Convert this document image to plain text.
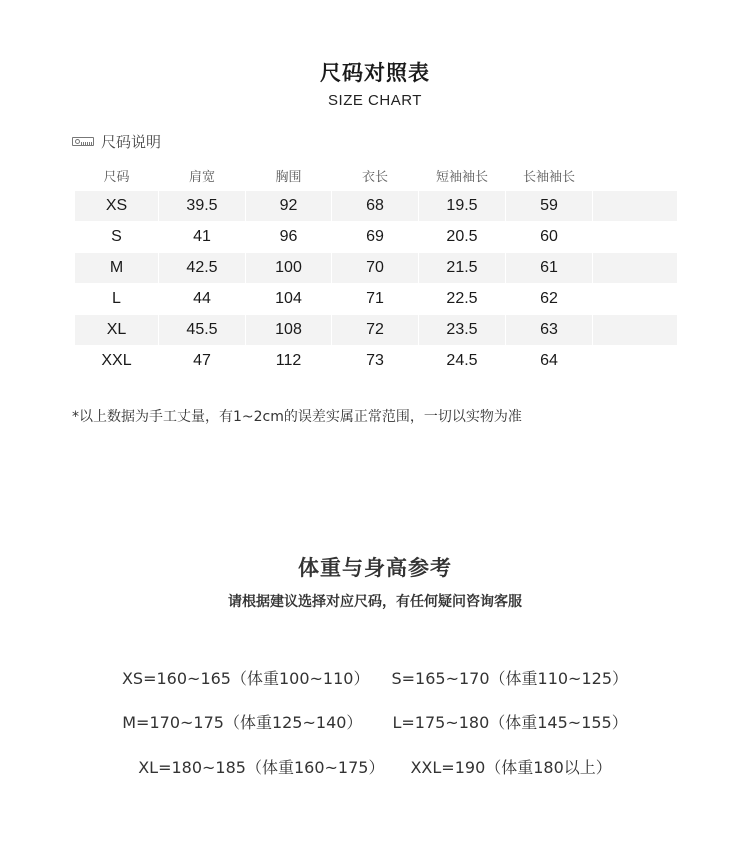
尺码对照表
SIZE CHART
尺码说明
尺码	肩宽	胸围	衣长	短袖袖长	长袖袖长
XS	39.5	92	68	19.5	59
S	41	96	69	20.5	60
M	42.5	100	70	21.5	61
L	44	104	71	22.5	62
XL	45.5	108	72	23.5	63
XXL	47	112	73	24.5	64
*以上数据为手工丈量，有1~2cm的误差实属正常范围，一切以实物为准
体重与身高参考
请根据建议选择对应尺码，有任何疑问咨询客服
XS=160~165（体重100~110） S=165~170（体重110~125）
M=170~175（体重125~140） L=175~180（体重145~155）
XL=180~185（体重160~175） XXL=190（体重180以上）
